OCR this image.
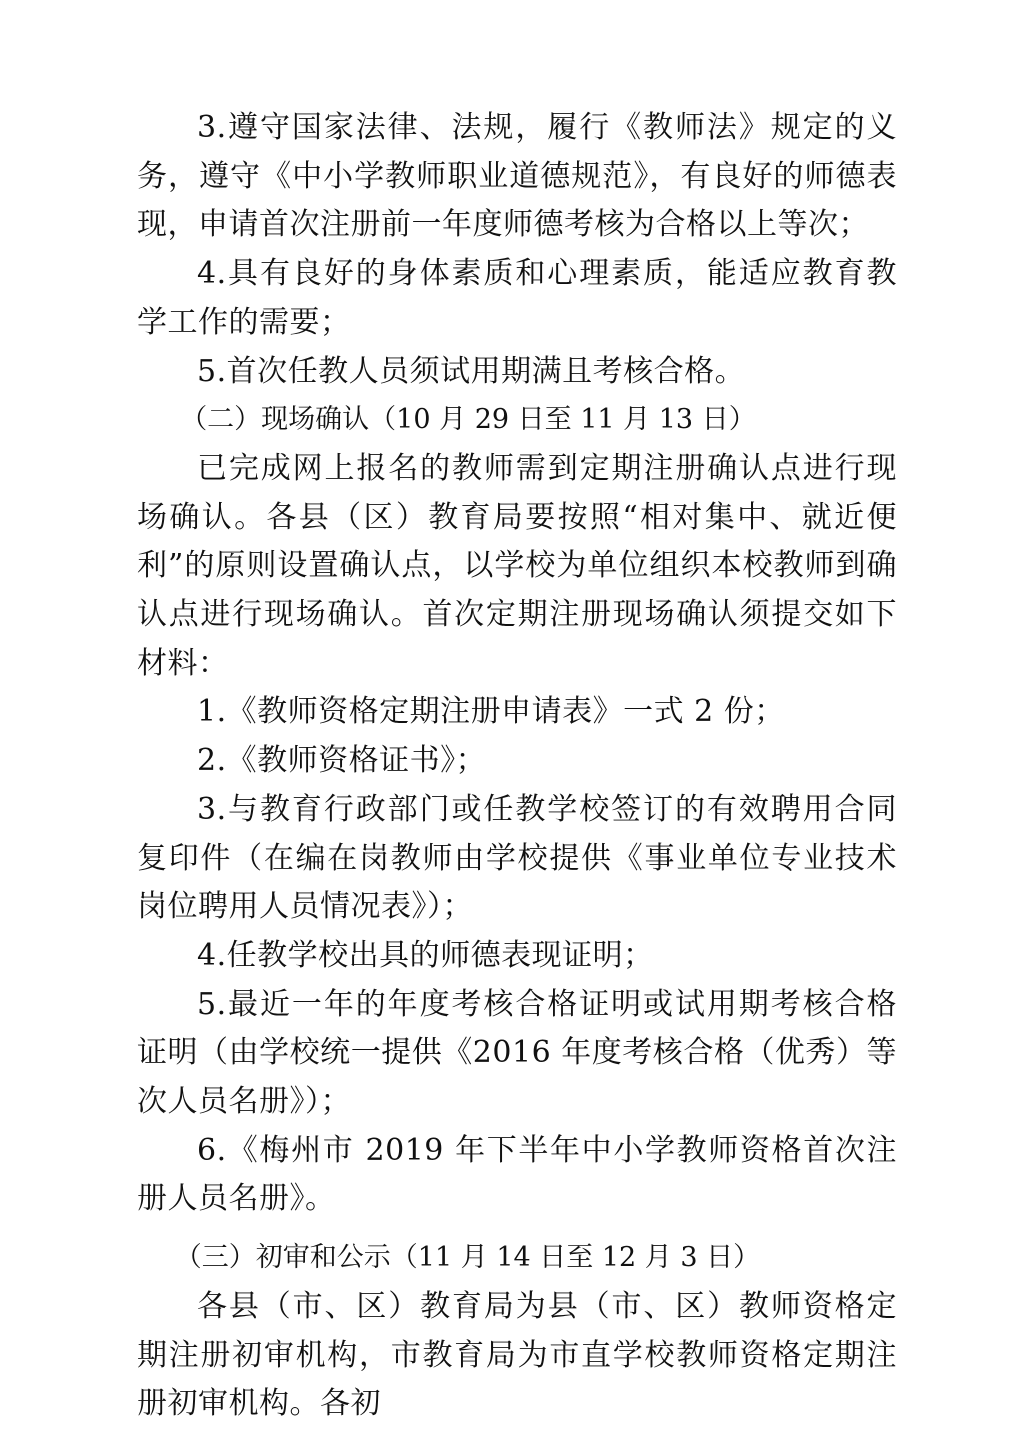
3.遵守国家法律、法规，履行《教师法》规定的义务，遵守《中小学教师职业道德规范》，有良好的师德表现，申请首次注册前一年度师德考核为合格以上等次；

4.具有良好的身体素质和心理素质，能适应教育教学工作的需要；

5.首次任教人员须试用期满且考核合格。

（二）现场确认（10 月 29 日至 11 月 13 日）

已完成网上报名的教师需到定期注册确认点进行现场确认。各县（区）教育局要按照“相对集中、就近便利”的原则设置确认点，以学校为单位组织本校教师到确认点进行现场确认。首次定期注册现场确认须提交如下材料：

1.《教师资格定期注册申请表》一式 2 份；

2.《教师资格证书》；

3.与教育行政部门或任教学校签订的有效聘用合同复印件（在编在岗教师由学校提供《事业单位专业技术岗位聘用人员情况表》）；

4.任教学校出具的师德表现证明；

5.最近一年的年度考核合格证明或试用期考核合格证明（由学校统一提供《2016 年度考核合格（优秀）等次人员名册》）；

6.《梅州市 2019 年下半年中小学教师资格首次注册人员名册》。

（三）初审和公示（11 月 14 日至 12 月 3 日）

各县（市、区）教育局为县（市、区）教师资格定期注册初审机构，市教育局为市直学校教师资格定期注册初审机构。各初
